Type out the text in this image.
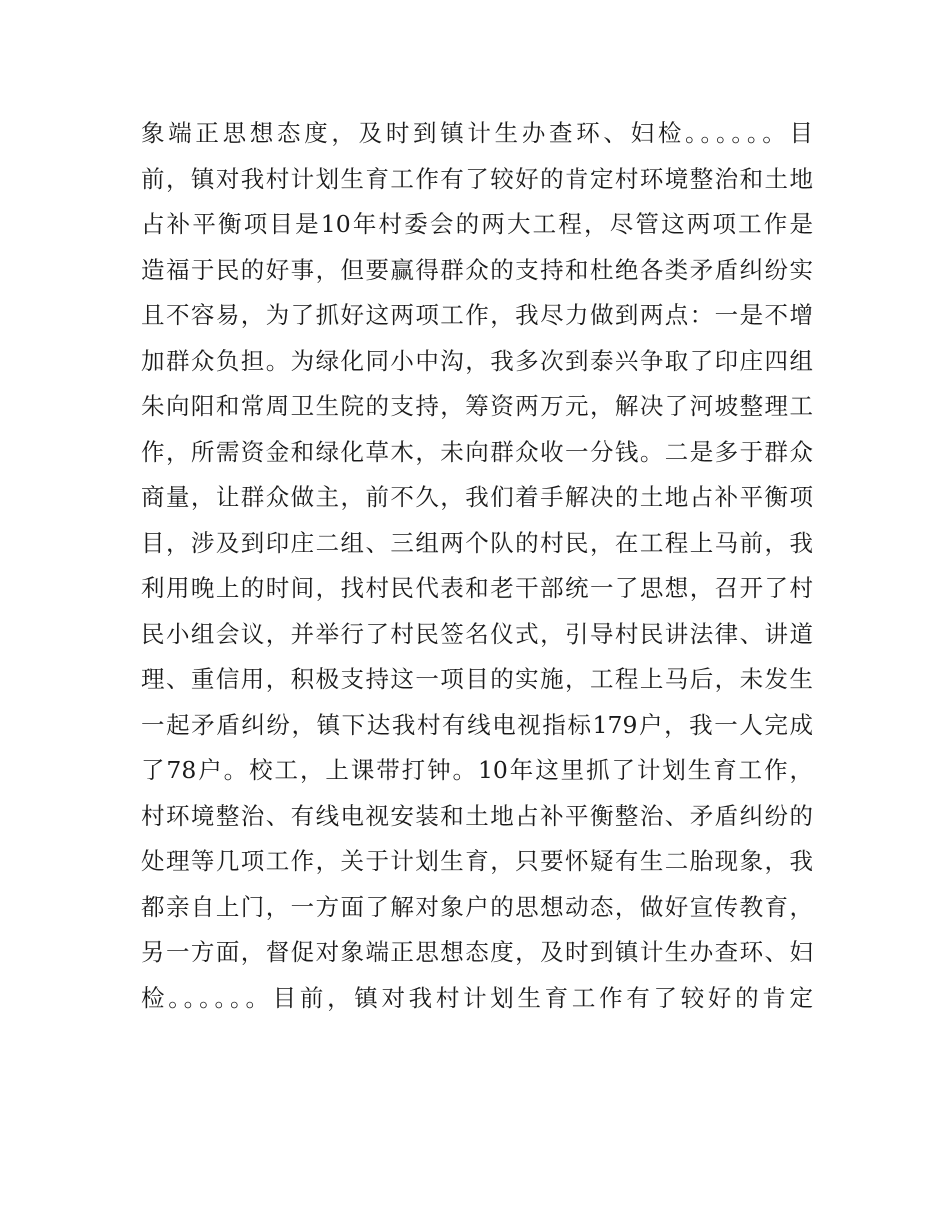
象端正思想态度，及时到镇计生办查环、妇检。。。。。。目
前，镇对我村计划生育工作有了较好的肯定村环境整治和土地
占补平衡项目是10年村委会的两大工程，尽管这两项工作是
造福于民的好事，但要赢得群众的支持和杜绝各类矛盾纠纷实
且不容易，为了抓好这两项工作，我尽力做到两点：一是不增
加群众负担。为绿化同小中沟，我多次到泰兴争取了印庄四组
朱向阳和常周卫生院的支持，筹资两万元，解决了河坡整理工
作，所需资金和绿化草木，未向群众收一分钱。二是多于群众
商量，让群众做主，前不久，我们着手解决的土地占补平衡项
目，涉及到印庄二组、三组两个队的村民，在工程上马前，我
利用晚上的时间，找村民代表和老干部统一了思想，召开了村
民小组会议，并举行了村民签名仪式，引导村民讲法律、讲道
理、重信用，积极支持这一项目的实施，工程上马后，未发生
一起矛盾纠纷，镇下达我村有线电视指标179户，我一人完成
了78户。校工，上课带打钟。10年这里抓了计划生育工作，
村环境整治、有线电视安装和土地占补平衡整治、矛盾纠纷的
处理等几项工作，关于计划生育，只要怀疑有生二胎现象，我
都亲自上门，一方面了解对象户的思想动态，做好宣传教育，
另一方面，督促对象端正思想态度，及时到镇计生办查环、妇
检。。。。。。目前，镇对我村计划生育工作有了较好的肯定
